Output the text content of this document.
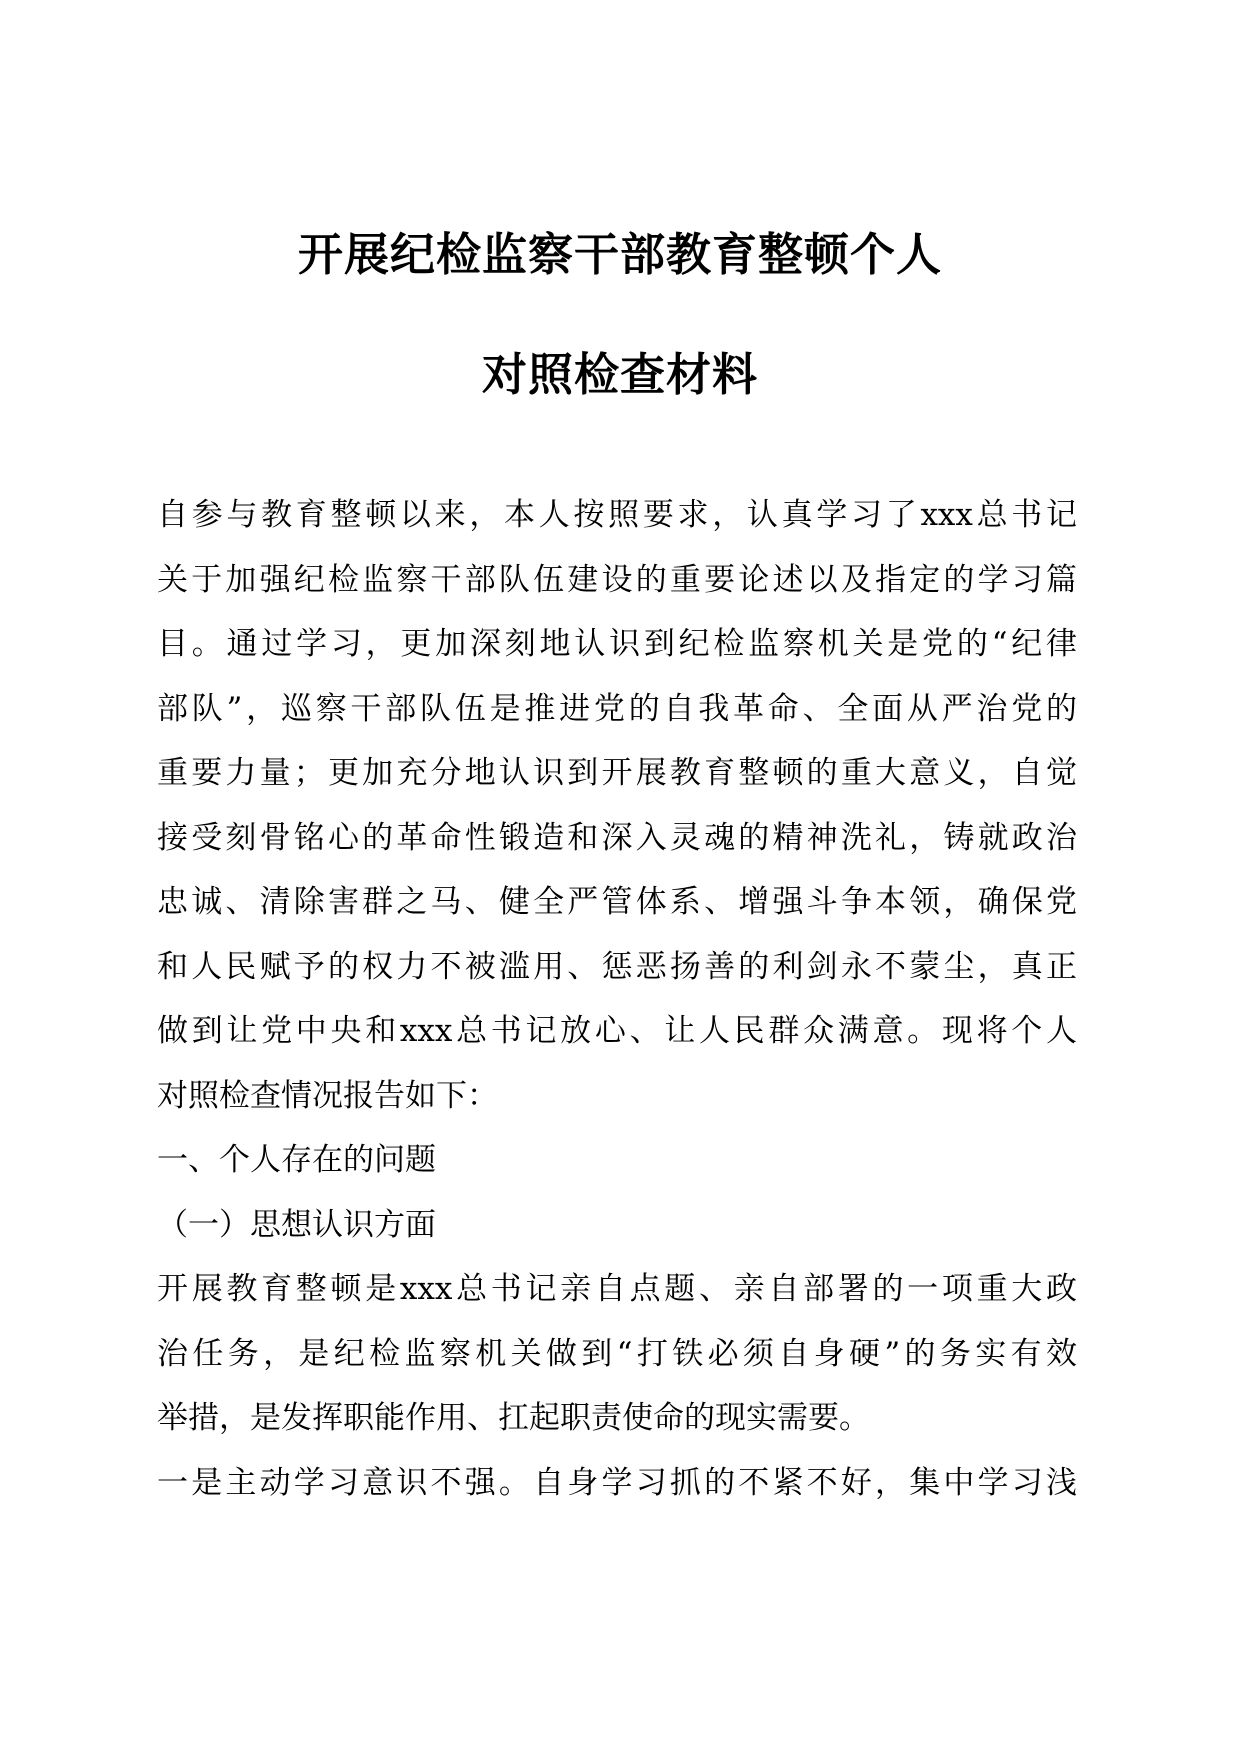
开展纪检监察干部教育整顿个人
对照检查材料
自参与教育整顿以来，本人按照要求，认真学习了xxx总书记
关于加强纪检监察干部队伍建设的重要论述以及指定的学习篇
目。通过学习，更加深刻地认识到纪检监察机关是党的“纪律
部队”，巡察干部队伍是推进党的自我革命、全面从严治党的
重要力量；更加充分地认识到开展教育整顿的重大意义，自觉
接受刻骨铭心的革命性锻造和深入灵魂的精神洗礼，铸就政治
忠诚、清除害群之马、健全严管体系、增强斗争本领，确保党
和人民赋予的权力不被滥用、惩恶扬善的利剑永不蒙尘，真正
做到让党中央和xxx总书记放心、让人民群众满意。现将个人
对照检查情况报告如下：
一、个人存在的问题
（一）思想认识方面
开展教育整顿是xxx总书记亲自点题、亲自部署的一项重大政
治任务，是纪检监察机关做到“打铁必须自身硬”的务实有效
举措，是发挥职能作用、扛起职责使命的现实需要。
一是主动学习意识不强。自身学习抓的不紧不好，集中学习浅
